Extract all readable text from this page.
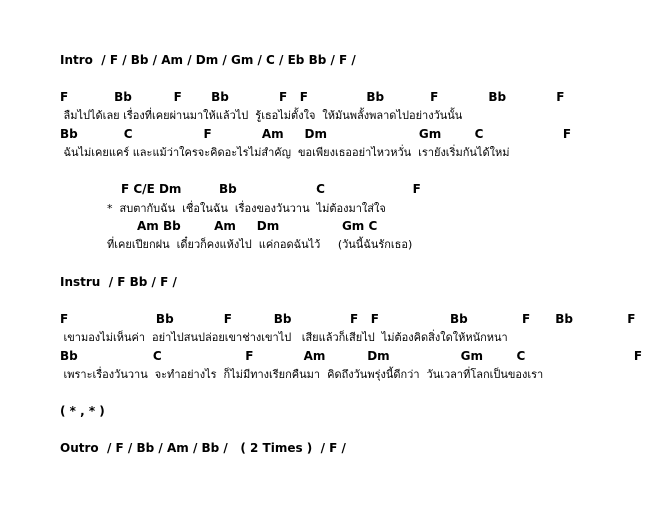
Intro  / F / Bb / Am / Dm / Gm / C / Eb Bb / F /
F           Bb          F       Bb            F   F              Bb           F            Bb            F
ลืมไปได้เลย เรื่องที่เคยผ่านมาให้แล้วไป  รู้เธอไม่ตั้งใจ  ให้มันพลั้งพลาดไปอย่างวันนั้น
Bb           C                 F            Am     Dm                      Gm        C                   F
ฉันไม่เคยแคร์ และแม้ว่าใครจะคิดอะไรไม่สำคัญ  ขอเพียงเธออย่าไหวหวั่น  เรายังเริ่มกันได้ใหม่
F C/E Dm         Bb                   C                     F
*  สบตากับฉัน  เชื่อในฉัน  เรื่องของวันวาน  ไม่ต้องมาใส่ใจ
Am Bb        Am     Dm               Gm C
ที่เคยเปียกฝน  เดี๋ยวก็คงแห้งไป  แค่กอดฉันไว้     (วันนี้ฉันรักเธอ)
Instru  / F Bb / F /
F                     Bb            F          Bb              F   F                 Bb             F      Bb             F
เขามองไม่เห็นค่า  อย่าไปสนปล่อยเขาช่างเขาไป   เสียแล้วก็เสียไป  ไม่ต้องคิดสิ่งใดให้หนักหนา
Bb                  C                    F            Am          Dm                 Gm        C                          F
เพราะเรื่องวันวาน  จะทำอย่างไร  ก็ไม่มีทางเรียกคืนมา  คิดถึงวันพรุ่งนี้ดีกว่า  วันเวลาที่โลกเป็นของเรา
( * , * )
Outro  / F / Bb / Am / Bb /   ( 2 Times )  / F /
